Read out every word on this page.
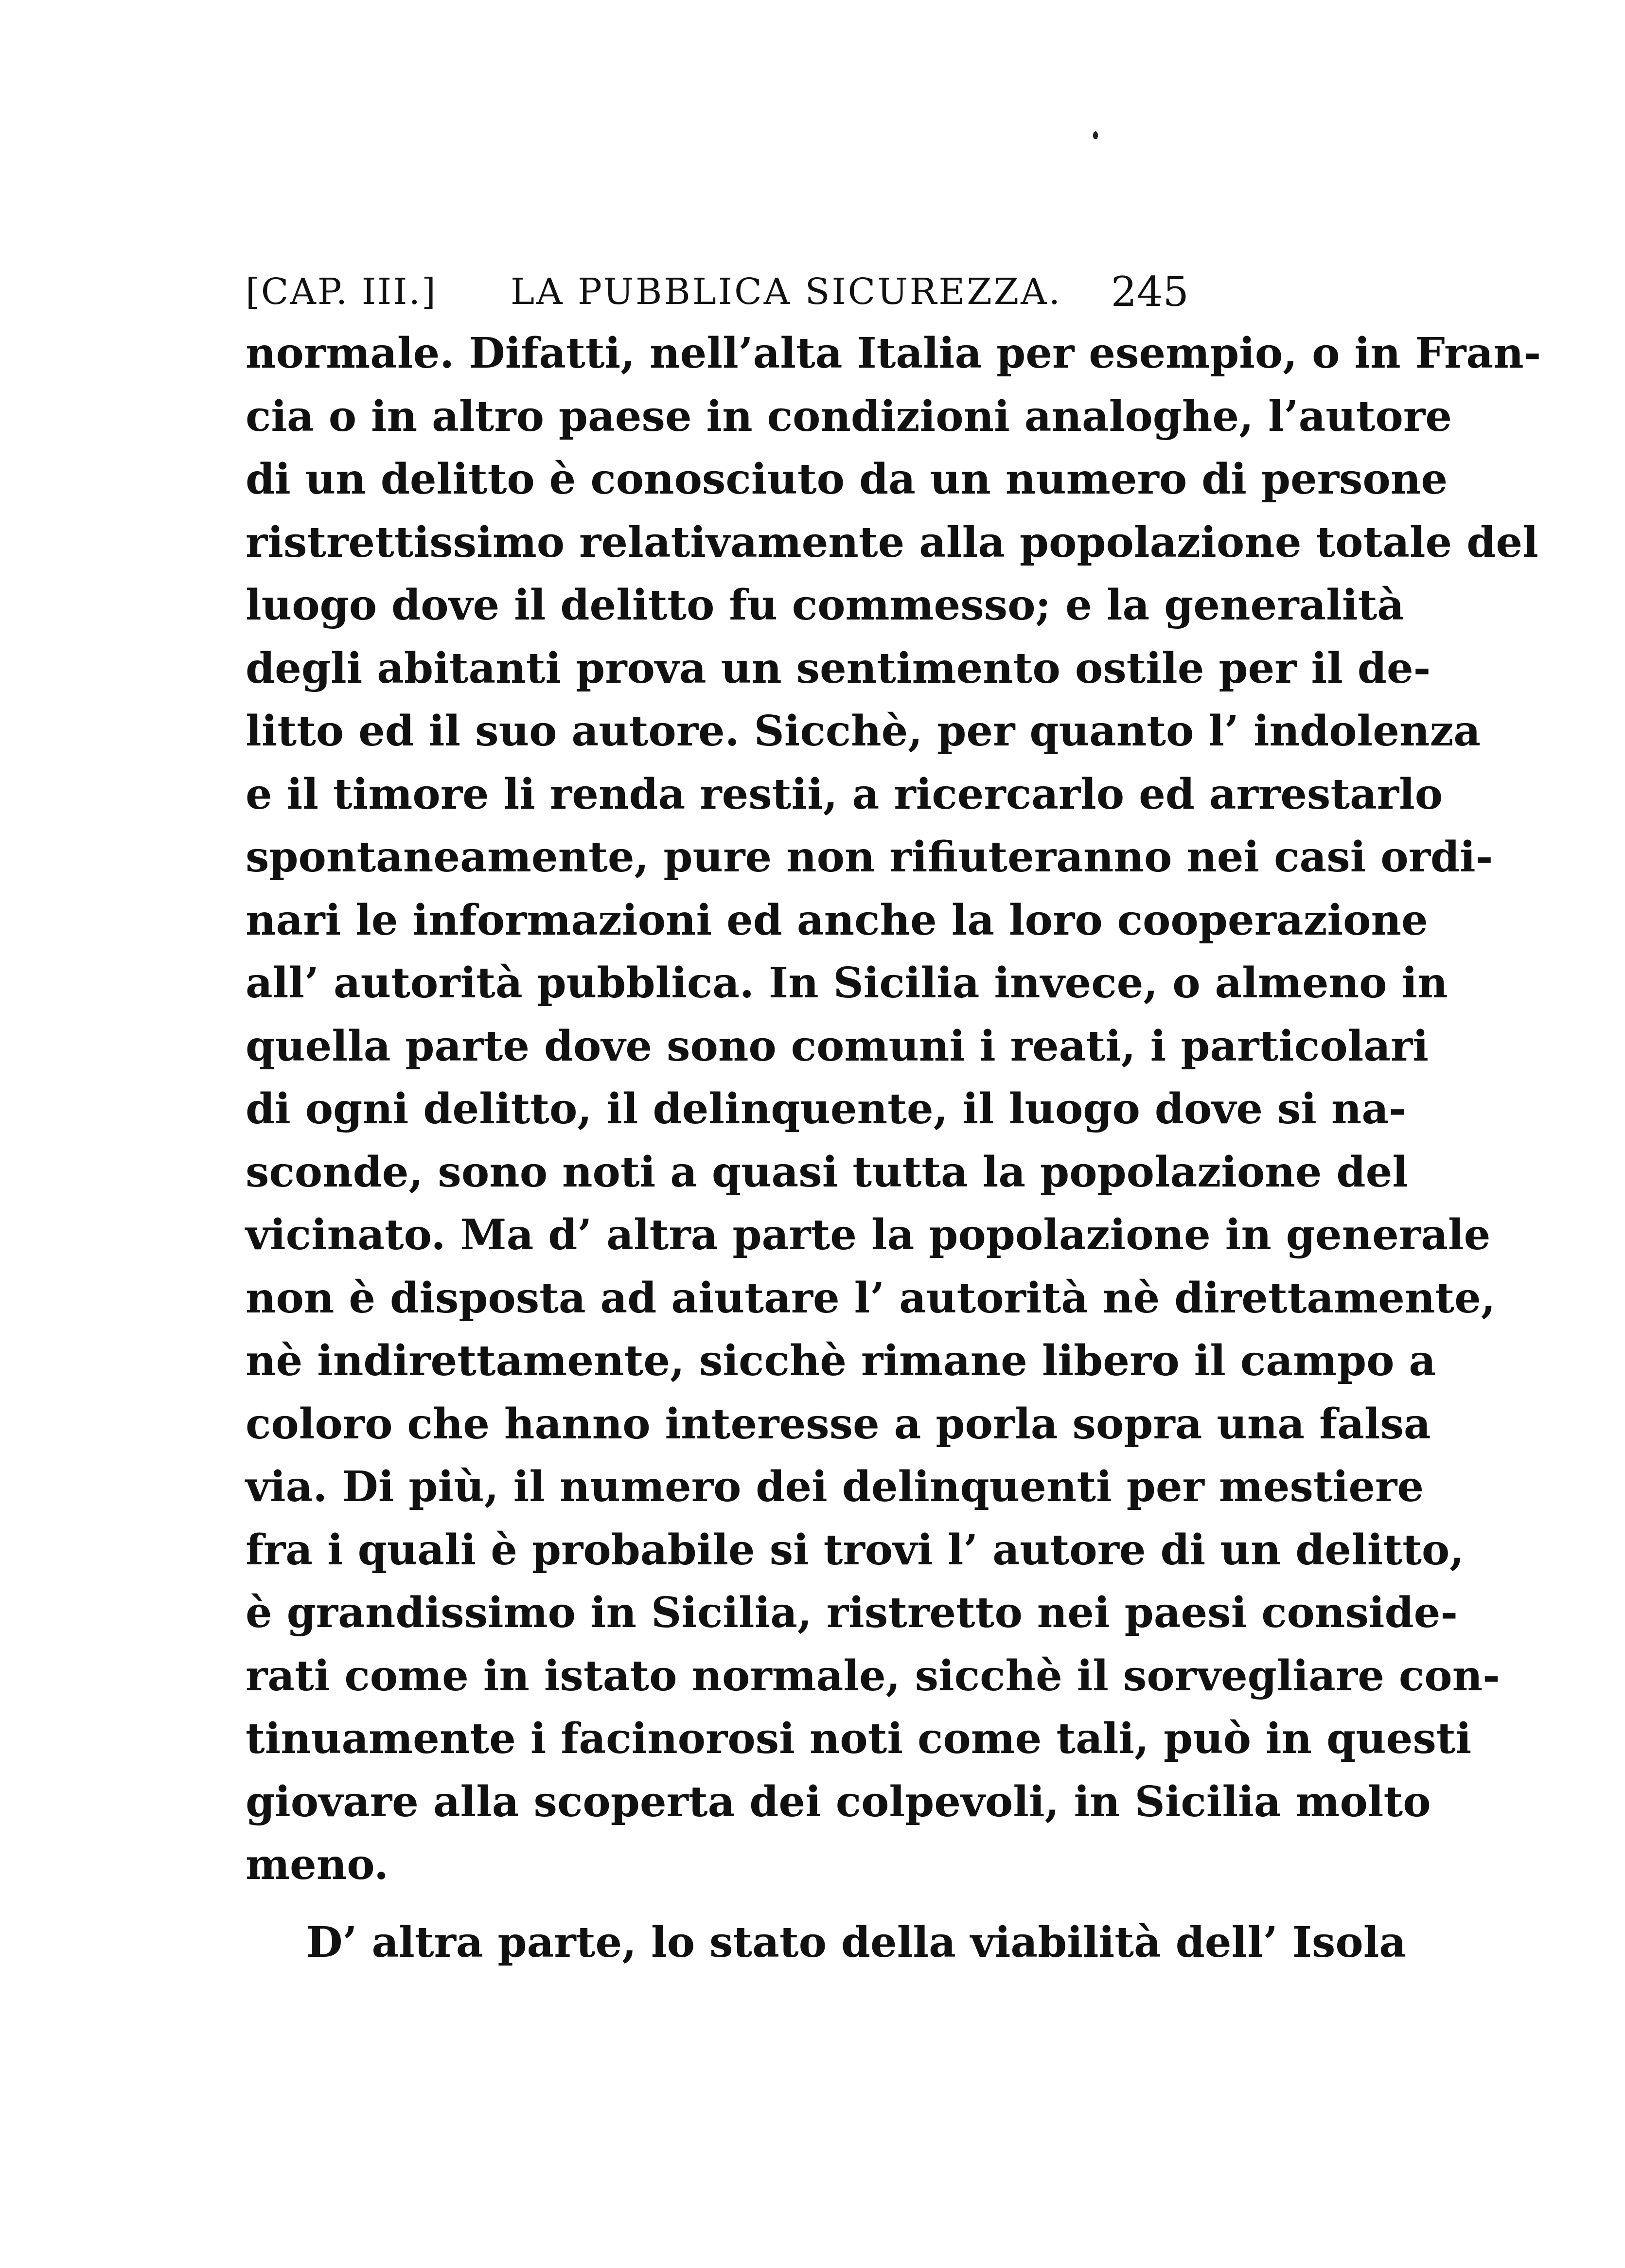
[CAP. III.] LA PUBBLICA SICUREZZA. 245
normale. Difatti, nell’alta Italia per esempio, o in Fran-
cia o in altro paese in condizioni analoghe, l’autore
di un delitto è conosciuto da un numero di persone
ristrettissimo relativamente alla popolazione totale del
luogo dove il delitto fu commesso; e la generalità
degli abitanti prova un sentimento ostile per il de-
litto ed il suo autore. Sicchè, per quanto l’ indolenza
e il timore li renda restii, a ricercarlo ed arrestarlo
spontaneamente, pure non rifiuteranno nei casi ordi-
nari le informazioni ed anche la loro cooperazione
all’ autorità pubblica. In Sicilia invece, o almeno in
quella parte dove sono comuni i reati, i particolari
di ogni delitto, il delinquente, il luogo dove si na-
sconde, sono noti a quasi tutta la popolazione del
vicinato. Ma d’ altra parte la popolazione in generale
non è disposta ad aiutare l’ autorità nè direttamente,
nè indirettamente, sicchè rimane libero il campo a
coloro che hanno interesse a porla sopra una falsa
via. Di più, il numero dei delinquenti per mestiere
fra i quali è probabile si trovi l’ autore di un delitto,
è grandissimo in Sicilia, ristretto nei paesi conside-
rati come in istato normale, sicchè il sorvegliare con-
tinuamente i facinorosi noti come tali, può in questi
giovare alla scoperta dei colpevoli, in Sicilia molto
meno.
D’ altra parte, lo stato della viabilità dell’ Isola
